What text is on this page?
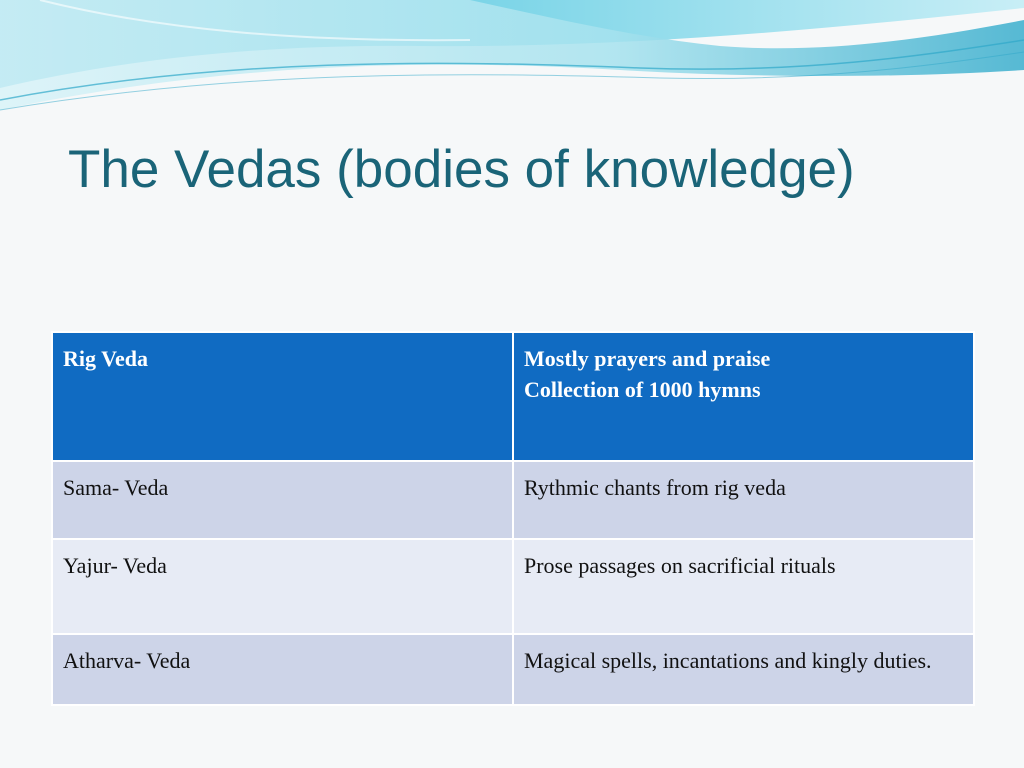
The Vedas (bodies of knowledge)
Rig Veda	Mostly prayers and praise
Collection of 1000 hymns

Sama- Veda	Rythmic chants from rig veda

Yajur- Veda	Prose passages on sacrificial rituals

Atharva- Veda	Magical spells, incantations and kingly duties.
